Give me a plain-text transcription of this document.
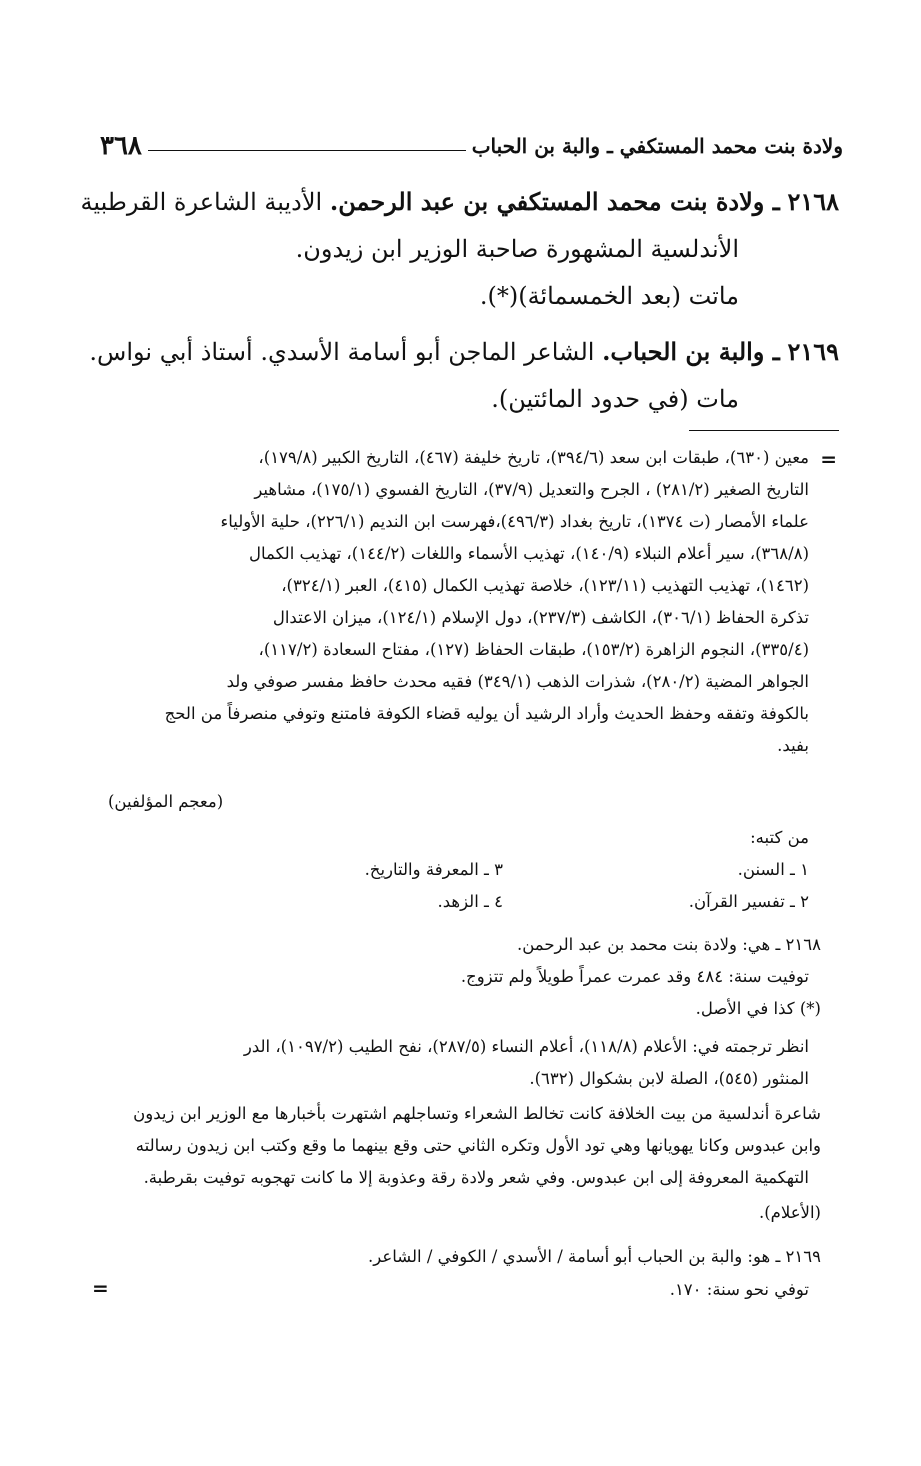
ولادة بنت محمد المستكفي ـ والبة بن الحباب
٣٦٨
٢١٦٨ ـ ولادة بنت محمد المستكفي بن عبد الرحمن. الأديبة الشاعرة القرطبية
الأندلسية المشهورة صاحبة الوزير ابن زيدون.
ماتت (بعد الخمسمائة)(*).
٢١٦٩ ـ والبة بن الحباب. الشاعر الماجن أبو أسامة الأسدي. أستاذ أبي نواس.
مات (في حدود المائتين).
=
معين (٦٣٠)، طبقات ابن سعد (٣٩٤/٦)، تاريخ خليفة (٤٦٧)، التاريخ الكبير (١٧٩/٨)،
التاريخ الصغير (٢٨١/٢) ، الجرح والتعديل (٣٧/٩)، التاريخ الفسوي (١٧٥/١)، مشاهير
علماء الأمصار (ت ١٣٧٤)، تاريخ بغداد (٤٩٦/٣)،فهرست ابن النديم (٢٢٦/١)، حلية الأولياء
(٣٦٨/٨)، سير أعلام النبلاء (١٤٠/٩)، تهذيب الأسماء واللغات (١٤٤/٢)، تهذيب الكمال
(١٤٦٢)، تهذيب التهذيب (١٢٣/١١)، خلاصة تهذيب الكمال (٤١٥)، العبر (٣٢٤/١)،
تذكرة الحفاظ (٣٠٦/١)، الكاشف (٢٣٧/٣)، دول الإسلام (١٢٤/١)، ميزان الاعتدال
(٣٣٥/٤)، النجوم الزاهرة (١٥٣/٢)، طبقات الحفاظ (١٢٧)، مفتاح السعادة (١١٧/٢)،
الجواهر المضية (٢٨٠/٢)، شذرات الذهب (٣٤٩/١) فقيه محدث حافظ مفسر صوفي ولد
بالكوفة وتفقه وحفظ الحديث وأراد الرشيد أن يوليه قضاء الكوفة فامتنع وتوفي منصرفاً من الحج
بفيد.
(معجم المؤلفين)
من كتبه:
١ ـ السنن.
٢ ـ تفسير القرآن.
٣ ـ المعرفة والتاريخ.
٤ ـ الزهد.
٢١٦٨ ـ هي: ولادة بنت محمد بن عبد الرحمن.
توفيت سنة: ٤٨٤ وقد عمرت عمراً طويلاً ولم تتزوج.
(*) كذا في الأصل.
انظر ترجمته في: الأعلام (١١٨/٨)، أعلام النساء (٢٨٧/٥)، نفح الطيب (١٠٩٧/٢)، الدر
المنثور (٥٤٥)، الصلة لابن بشكوال (٦٣٢).
شاعرة أندلسية من بيت الخلافة كانت تخالط الشعراء وتساجلهم اشتهرت بأخبارها مع الوزير ابن زيدون
وابن عبدوس وكانا يهويانها وهي تود الأول وتكره الثاني حتى وقع بينهما ما وقع وكتب ابن زيدون رسالته
التهكمية المعروفة إلى ابن عبدوس. وفي شعر ولادة رقة وعذوبة إلا ما كانت تهجوبه توفيت بقرطبة.
(الأعلام).
٢١٦٩ ـ هو: والبة بن الحباب أبو أسامة / الأسدي / الكوفي / الشاعر.
توفي نحو سنة: ١٧٠.
=
